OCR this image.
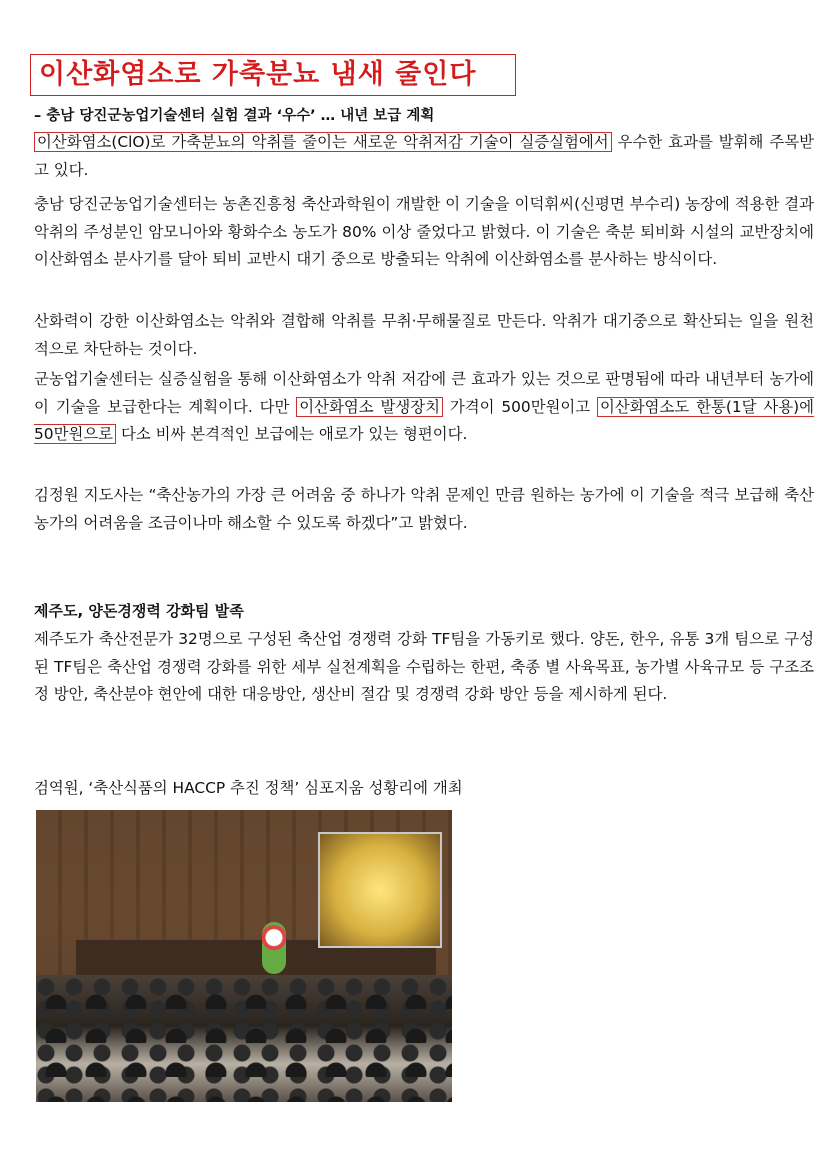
이산화염소로 가축분뇨 냄새 줄인다
– 충남 당진군농업기술센터 실험 결과 ‘우수’ … 내년 보급 계획

이산화염소(ClO)로 가축분뇨의 악취를 줄이는 새로운 악취저감 기술이 실증실험에서 우수한 효과를 발휘해 주목받고 있다.

충남 당진군농업기술센터는 농촌진흥청 축산과학원이 개발한 이 기술을 이덕휘씨(신평면 부수리) 농장에 적용한 결과 악취의 주성분인 암모니아와 황화수소 농도가 80% 이상 줄었다고 밝혔다. 이 기술은 축분 퇴비화 시설의 교반장치에 이산화염소 분사기를 달아 퇴비 교반시 대기 중으로 방출되는 악취에 이산화염소를 분사하는 방식이다.

산화력이 강한 이산화염소는 악취와 결합해 악취를 무취·무해물질로 만든다. 악취가 대기중으로 확산되는 일을 원천적으로 차단하는 것이다.

군농업기술센터는 실증실험을 통해 이산화염소가 악취 저감에 큰 효과가 있는 것으로 판명됨에 따라 내년부터 농가에 이 기술을 보급한다는 계획이다. 다만 이산화염소 발생장치 가격이 500만원이고 이산화염소도 한통(1달 사용)에 50만원으로 다소 비싸 본격적인 보급에는 애로가 있는 형편이다.

김정원 지도사는 “축산농가의 가장 큰 어려움 중 하나가 악취 문제인 만큼 원하는 농가에 이 기술을 적극 보급해 축산농가의 어려움을 조금이나마 해소할 수 있도록 하겠다”고 밝혔다.

제주도, 양돈경쟁력 강화팀 발족

제주도가 축산전문가 32명으로 구성된 축산업 경쟁력 강화 TF팀을 가동키로 했다. 양돈, 한우, 유통 3개 팀으로 구성된 TF팀은 축산업 경쟁력 강화를 위한 세부 실천계획을 수립하는 한편, 축종 별 사육목표, 농가별 사육규모 등 구조조정 방안, 축산분야 현안에 대한 대응방안, 생산비 절감 및 경쟁력 강화 방안 등을 제시하게 된다.

검역원, ‘축산식품의 HACCP 추진 정책’ 심포지움 성황리에 개최
